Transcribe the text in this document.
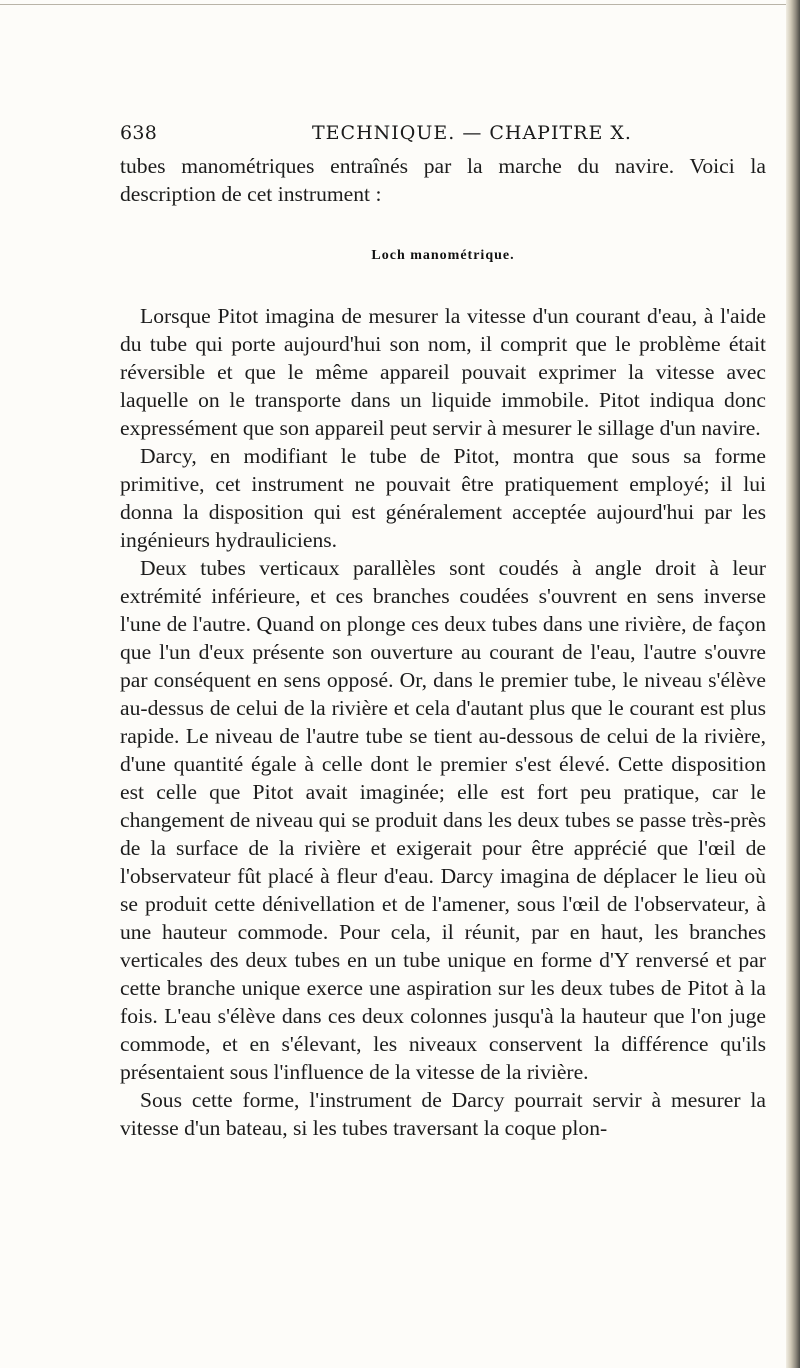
638	TECHNIQUE. — CHAPITRE X.

tubes manométriques entraînés par la marche du navire. Voici la description de cet instrument :

Loch manométrique.

Lorsque Pitot imagina de mesurer la vitesse d'un courant d'eau, à l'aide du tube qui porte aujourd'hui son nom, il comprit que le problème était réversible et que le même appareil pouvait exprimer la vitesse avec laquelle on le transporte dans un liquide immobile. Pitot indiqua donc expressément que son appareil peut servir à mesurer le sillage d'un navire.

Darcy, en modifiant le tube de Pitot, montra que sous sa forme primitive, cet instrument ne pouvait être pratiquement employé; il lui donna la disposition qui est généralement acceptée aujourd'hui par les ingénieurs hydrauliciens.

Deux tubes verticaux parallèles sont coudés à angle droit à leur extrémité inférieure, et ces branches coudées s'ouvrent en sens inverse l'une de l'autre. Quand on plonge ces deux tubes dans une rivière, de façon que l'un d'eux présente son ouverture au courant de l'eau, l'autre s'ouvre par conséquent en sens opposé. Or, dans le premier tube, le niveau s'élève au-dessus de celui de la rivière et cela d'autant plus que le courant est plus rapide. Le niveau de l'autre tube se tient au-dessous de celui de la rivière, d'une quantité égale à celle dont le premier s'est élevé. Cette disposition est celle que Pitot avait imaginée; elle est fort peu pratique, car le changement de niveau qui se produit dans les deux tubes se passe très-près de la surface de la rivière et exigerait pour être apprécié que l'œil de l'observateur fût placé à fleur d'eau. Darcy imagina de déplacer le lieu où se produit cette dénivellation et de l'amener, sous l'œil de l'observateur, à une hauteur commode. Pour cela, il réunit, par en haut, les branches verticales des deux tubes en un tube unique en forme d'Y renversé et par cette branche unique exerce une aspiration sur les deux tubes de Pitot à la fois. L'eau s'élève dans ces deux colonnes jusqu'à la hauteur que l'on juge commode, et en s'élevant, les niveaux conservent la différence qu'ils présentaient sous l'influence de la vitesse de la rivière.

Sous cette forme, l'instrument de Darcy pourrait servir à mesurer la vitesse d'un bateau, si les tubes traversant la coque plon-
